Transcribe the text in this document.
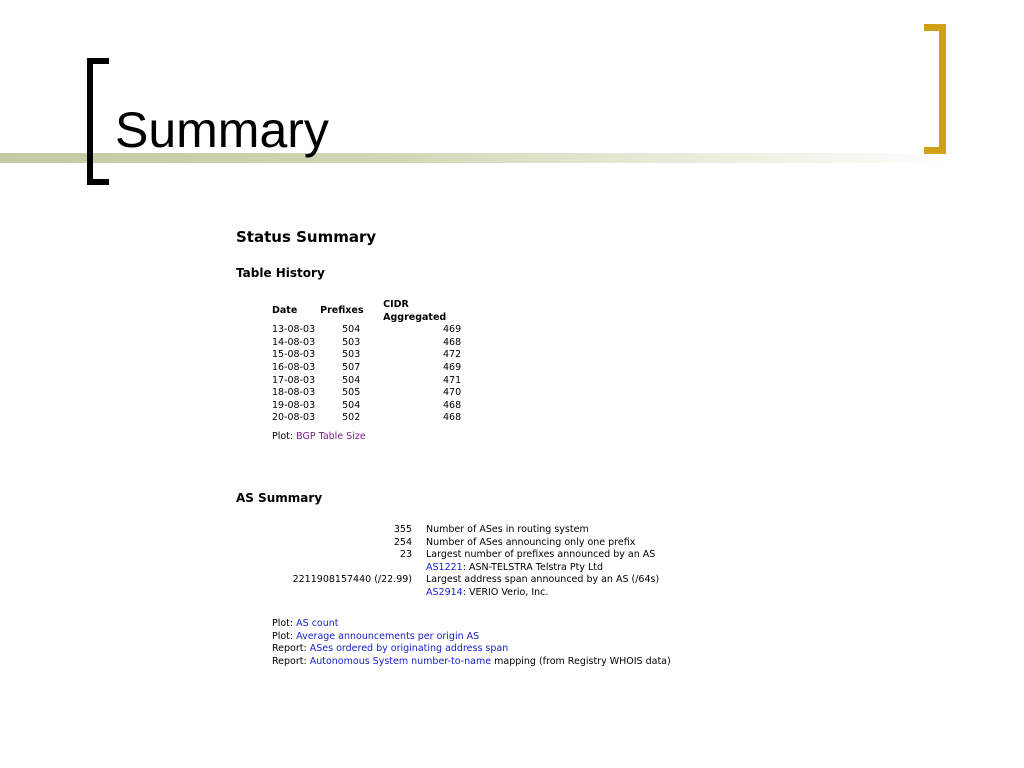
Summary
Status Summary
Table History
Date	Prefixes	CIDR Aggregated
13-08-03	504	469
14-08-03	503	468
15-08-03	503	472
16-08-03	507	469
17-08-03	504	471
18-08-03	505	470
19-08-03	504	468
20-08-03	502	468
Plot: BGP Table Size
AS Summary
355	Number of ASes in routing system
254	Number of ASes announcing only one prefix
23	Largest number of prefixes announced by an AS
	AS1221: ASN-TELSTRA Telstra Pty Ltd
2211908157440 (/22.99)	Largest address span announced by an AS (/64s)
	AS2914: VERIO Verio, Inc.
Plot: AS count
Plot: Average announcements per origin AS
Report: ASes ordered by originating address span
Report: Autonomous System number-to-name mapping (from Registry WHOIS data)
